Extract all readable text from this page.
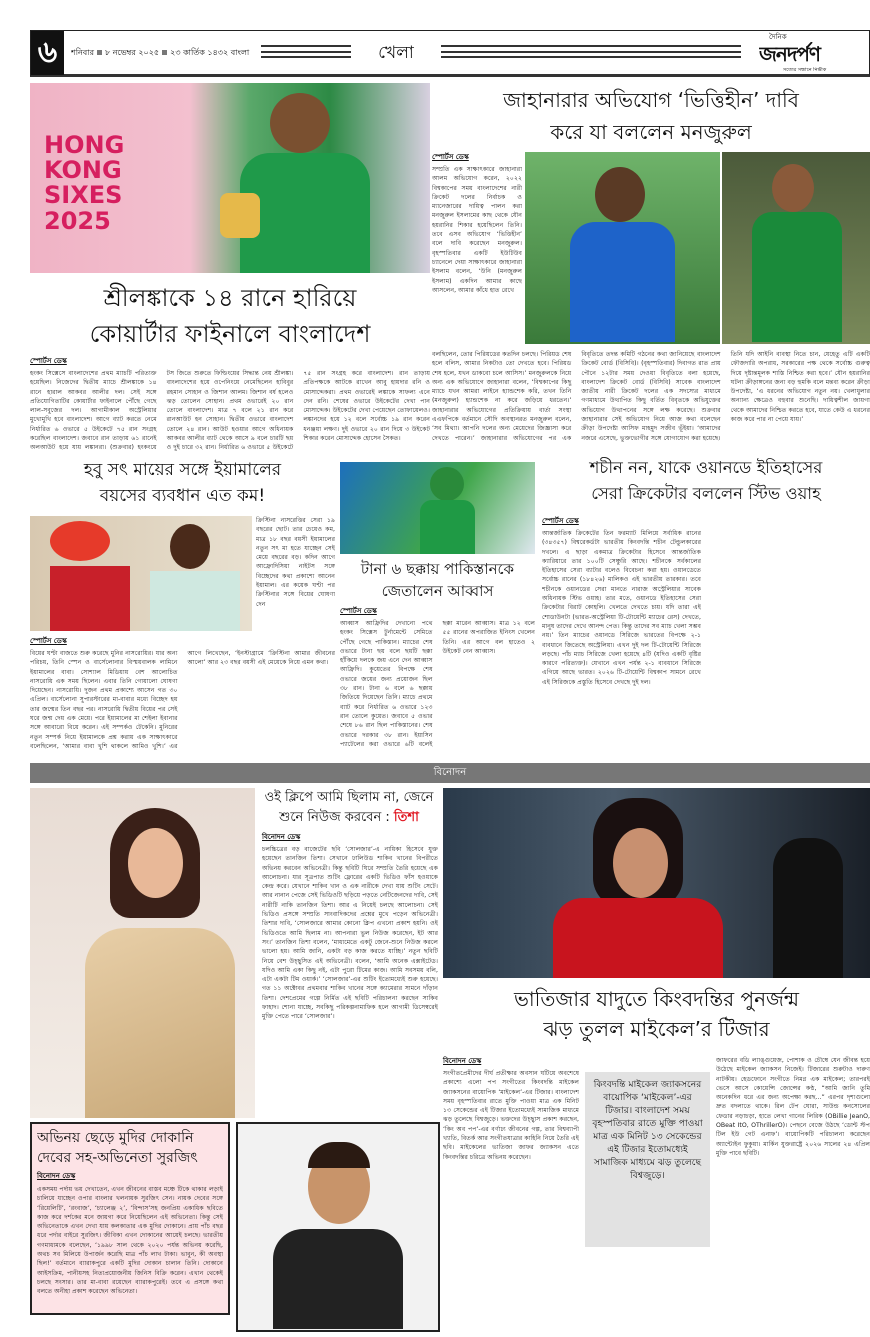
৬	শনিবার ৮ নভেম্বর ২০২৫ ২৩ কার্তিক ১৪৩২ বাংলা	খেলা
দৈনিক
জনদর্পণ
সত্যের সন্ধানে নির্ভীক
HONG KONG SIXES 2025
শ্রীলঙ্কাকে ১৪ রানে হারিয়ে
কোয়ার্টার ফাইনালে বাংলাদেশ
স্পোর্টস ডেস্ক
হংকং সিক্সেসে বাংলাদেশের প্রথম ম্যাচটি পরিত্যক্ত হয়েছিল। নিজেদের দ্বিতীয় ম্যাচে শ্রীলঙ্কাকে ১৪ রানে হারাল আকবর আলীর দল। সেই সঙ্গে প্রতিযোগিতাটির কোয়ার্টার ফাইনালে পৌঁছে গেছে লাল-সবুজের দল। আগামীকাল অস্ট্রেলিয়ার মুখোমুখি হবে বাংলাদেশ। আগে ব্যাট করতে নেমে নির্ধারিত ৬ ওভারে ৫ উইকেটে ৭৫ রান সংগ্রহ করেছিল বাংলাদেশ। জবাবে রান তাড়ায় ৬১ রানেই অলআউট হয়ে যায় লঙ্কানরা। (শুক্রবার) হংকংয়ে টস জিতে শুরুতে ফিল্ডিংয়ের সিদ্ধান্ত নেয় শ্রীলঙ্কা। বাংলাদেশের হয়ে ওপেনিংয়ে নেমেছিলেন হাবিবুর রহমান সোহান ও জিশান আলম। জিশান বর্ষ হলেও ঝড় তোলেন সোহান। প্রথম ওভারেই ২০ রান তোলে বাংলাদেশ। মাত্র ৭ বলে ২১ রান করে রানআউট হন সোহান। দ্বিতীয় ওভারে বাংলাদেশ তোলে ২৪ রান। আউট হওয়ার আগে অধিনায়ক আকবর আলীর ব্যাট থেকে আসে ৯ বলে চারটি ছয় ও দুই চারে ৩২ রান। নির্ধারিত ৬ ওভারে ৫ উইকেটে ৭৫ রান সংগ্রহ করে বাংলাদেশ। রান তাড়ায় প্রতিপক্ষকে আটকে রাখেন আবু হায়দার রনি ও মোসাদ্দেকরা। প্রথম ওভারেই লঙ্কাকে সাফল্য এনে দেন রনি। শেষের ওভারে উইকেটের দেখা পান মোসাদ্দেক। উইকেটের দেখা পেয়েছেন তোফায়েলও। লঙ্কানদের হয়ে ১২ বলে সর্বোচ্চ ১৯ রান করেন ধনঞ্জয়া লক্ষণ। দুই ওভারে ২০ রান দিয়ে ৩ উইকেট শিকার করেন মোসাদ্দেক হোসেন সৈকত।
জাহানারার অভিযোগ ‘ভিত্তিহীন’ দাবি
করে যা বললেন মনজুরুল
স্পোর্টস ডেস্ক
সম্প্রতি এক সাক্ষাৎকারে জাহানারা আলম অভিযোগ করেন, ২০২২ বিশ্বকাপের সময় বাংলাদেশের নারী ক্রিকেট দলের নির্বাচক ও ম্যানেজারের দায়িত্ব পালন করা মনজুরুল ইসলামের কাছ থেকে যৌন হয়রানির শিকার হয়েছিলেন তিনি। তবে এসব অভিযোগ ‘ভিত্তিহীন’ বলে দাবি করেছেন মনজুরুল। বৃহস্পতিবার একটি ইউটিউব চ্যানেলে দেয়া সাক্ষাৎকারে জাহানারা ইসলাম বলেন, ‘উনি (মনজুরুল ইসলাম) একদিন আমার কাছে আসলেন, আমার কাঁধে হাত রেখে
বলছিলেন, তোর পিরিয়ডের কতদিন চলছে। পিরিয়ড শেষ হলে বলিস, আমার নিকটাও তো দেখতে হবে। পিরিয়ড শেষ হলে, যখন ডাকবো চলে আসিস।’ মনজুরুলকে নিয়ে অন্য এক অভিযোগে জাহানারা বলেন, ‘বিশ্বকাপের কিছু ম্যাচে যখন আমরা লাইনে হ্যান্ডশেক করি, তখন তিনি (মনজুরুল) হ্যান্ডশেক না করে জড়িয়ে ধরতেন।’ জাহানারার অভিযোগের প্রতিক্রিয়ায় বার্তা সংস্থা এএফপিকে বর্তমানে সৌদি অবস্থানরত মনজুরুল বলেন, ‘সব মিথ্যা। আপনি দলের অন্য মেয়েদের জিজ্ঞাসা করে দেখতে পারেন।’ জাহানারার অভিযোগের পর এক বিবৃতিতে তদন্ত কমিটি গঠনের কথা জানিয়েছে বাংলাদেশ ক্রিকেট বোর্ড (বিসিবি)। (বৃহস্পতিবার) দিবাগত রাত প্রায় পৌনে ১২টার সময় দেওয়া বিবৃতিতে বলা হয়েছে, বাংলাদেশ ক্রিকেট বোর্ড (বিসিবি) সাবেক বাংলাদেশ জাতীয় নারী ক্রিকেট দলের এক সদস্যের মাধ্যমে গণমাধ্যমে উত্থাপিত কিছু বর্তিত বিবৃতকে অভিযুক্তের অভিযোগ উত্থাপনের সঙ্গে লক্ষ করেছে। শুক্রবার জাহানারার সেই অভিযোগ নিয়ে আজ কথা বলেছেন ক্রীড়া উপদেষ্টা আসিফ মাহমুদ সজীব ভূঁইয়া। ‘আমাদের নজরে এসেছে, ভুক্তভোগীর সঙ্গে যোগাযোগ করা হয়েছে। তিনি যদি আইনি ব্যবস্থা নিতে চান, যেহেতু এটি একটি ফৌজদারি অপরাধ, সরকারের পক্ষ থেকে সর্বোচ্চ গুরুত্ব দিয়ে দৃষ্টান্তমূলক শাস্তি নিশ্চিত করা হবে।’ যৌন হয়রানির ঘটনা ক্রীড়াঙ্গনের জন্য বড় হুমকি বলে মন্তব্য করেন ক্রীড়া উপদেষ্টা, ‘এ ধরনের অভিযোগ নতুন নয়। খেলাধুলার অন্যান্য ক্ষেত্রেও বহুবার শুনেছি। দায়িত্বশীল জায়গা থেকে আমাদের নিশ্চিত করতে হবে, যাতে কেউ এ ধরনের কাজ করে পার না পেয়ে যায়।’
হবু সৎ মায়ের সঙ্গে ইয়ামালের
বয়সের ব্যবধান এত কম!
ক্রিস্টিনা নাসরেত্তির সেরা ১৯ বছরের ছোট। তার চেয়েও কম, মাত্র ১৮ বছর বয়সী ইয়ামালের নতুন সৎ মা হতে যাচ্ছেন সেই মেয়ে বছরের বড়। কদিন আগে আফ্রোদিসিয়া নাইটস সঙ্গে বিচ্ছেদের কথা প্রকাশ্যে আনেন ইয়ামাল। এর কয়েক ঘণ্টা পর ক্রিস্টিনার সঙ্গে বিয়ের ঘোষণা দেন
স্পোর্টস ডেস্ক
বিয়ের ঘণ্টা বাজতে শুরু করেছে মুনির নাসরোয়ির। যার অন্য পরিচয়, তিনি স্পেন ও বার্সেলোনার বিস্ময়বালক লামিনে ইয়ামালের বাবা। সোশ্যাল মিডিয়ায় বেশ আলোচিত নাসরোয়ি এক সময় ছিলেন। এবার তিনি গোয়ালো ঘোষণা দিয়েছেন। নাসরোয়ি। দুজন প্রথম প্রকাশ্যে আসেন গত ৩০ এপ্রিল। বার্সেলোনা সুপারস্টারের মা-বাবার মধ্যে বিচ্ছেদ হয় তার জন্মের তিন বছর পর। নাসরোয়ি দ্বিতীয় বিয়ের পর সেই ঘরে জন্ম দেয় এক মেয়ে। পরে ইয়ামালের মা শেইলা ইবানার সঙ্গে আবারো বিয়ে করেন। এই সম্পর্কও টেকেনি। মুনিরের নতুন সম্পর্ক নিয়ে ইয়ামালকে প্রশ্ন করায় এক সাক্ষাৎকারে বলেছিলেন, ‘আমার বাবা খুশি থাকলে আমিও খুশি।’ এর আগে লিখেছেন, ‘ইনস্টাগ্রামে ‘ক্রিস্টিনা আমার জীবনের আলো’ আর ২৩ বছর বয়সী এই মেয়েকে নিয়ে এমন কথা।
টানা ৬ ছক্কায় পাকিস্তানকে
জেতালেন আব্বাস
স্পোর্টস ডেস্ক
আব্বাস আফ্রিদির দেখানো পথে হংকং সিক্সেস টুর্নামেন্টে সেমিতে পৌঁছে গেছে পাকিস্তান। ম্যাচের শেষ ওভারে টানা ছয় বলে ছয়টি ছক্কা হাঁকিয়ে দলকে জয় এনে দেন আব্বাস আফ্রিদি। কুয়েতের বিপক্ষে শেষ ওভারে জয়ের জন্য প্রয়োজন ছিল ৩৮ রান। টানা ৬ বলে ৬ ছক্কায় জিতিয়ে দিয়েছেন তিনি। ম্যাচে প্রথমে ব্যাট করে নির্ধারিত ৬ ওভারে ১২৩ রান তোলে কুয়েত। জবাবে ৫ ওভার শেষে ৮৬ রান ছিল পাকিস্তানের। শেষ ওভারে দরকার ৩৮ রান। ইয়াসিন প্যাটেলের করা ওভারে ৬টি বলেই ছক্কা মারেন আব্বাস। মাত্র ১২ বলে ৫৫ রানের অপরাজিত ইনিংস খেলেন তিনি। এর আগে বল হাতেও ২ উইকেট নেন আব্বাস।
শচীন নন, যাকে ওয়ানডে ইতিহাসের
সেরা ক্রিকেটার বললেন স্টিভ ওয়াহ
স্পোর্টস ডেস্ক
আন্তর্জাতিক ক্রিকেটের তিন ফরম্যাট মিলিয়ে সর্বাধিক রানের (৩৪৩৫৭) বিশ্বরেকর্ডটা ভারতীয় কিংবদন্তি শচীন টেন্ডুলকারের দখলে। এ ছাড়া একমাত্র ক্রিকেটার হিসেবে আন্তর্জাতিক ক্যারিয়ারে তার ১০০টি সেঞ্চুরি আছে। শচীনকে সর্বকালের ইতিহাসের সেরা ব্যাটার বলেও বিবেচনা করা হয়। ওয়ানডেতে সর্বোচ্চ রানের (১৮৪২৬) মালিকও এই ভারতীয় তারকার। তবে শচীনকে ওয়ানডের সেরা মানতে নারাজ অস্ট্রেলিয়ার সাবেক অধিনায়ক স্টিভ ওয়াহ। তার মতে, ওয়ানডে ইতিহাসের সেরা ক্রিকেটার বিরাট কোহলি। খেলতে দেখতে চায়। যদি তারা এই শোডাউনটা (ভারত-অস্ট্রেলিয়া টি-টোয়েন্টি ম্যাচের রেস) দেখতে, মানুষ তাদের দেখে আনন্দ পেত। কিন্তু তাদের সব ম্যাচ খেলা সম্ভব নয়।’ তিন ম্যাচের ওয়ানডে সিরিজে ভারতের বিপক্ষে ২-১ ব্যবধানে জিতেছে অস্ট্রেলিয়া। এখন দুই দল টি-টোয়েন্টি সিরিজে লড়ছে। পাঁচ ম্যাচ সিরিজে খেলা হয়েছে ৪টি (যদিও একটি বৃষ্টির কারণে পরিত্যক্ত)। যেখানে এখন পর্যন্ত ২-১ ব্যবধানে সিরিজে এগিয়ে আছে ভারত। ২০২৬ টি-টোয়েন্টি বিশ্বকাপ সামনে রেখে এই সিরিজকে প্রস্তুতি হিসেবে দেখছে দুই দল।
বিনোদন
ওই ক্লিপে আমি ছিলাম না, জেনে
শুনে নিউজ করবেন : তিশা
বিনোদন ডেস্ক
চলচ্চিত্রের বড় বাজেটের ছবি ‘সোলজার’-এ নায়িকা হিসেবে যুক্ত হয়েছেন তানজিন তিশা। সেখানে ঢালিউড শাকিব খানের বিপরীতে অভিনয় করবেন অভিনেত্রী। কিন্তু ছবিটি ঘিরে সম্প্রতি তৈরি হয়েছে এক আলোচনা। যার সূত্রপাত শুটিং ফ্লোরের একটি ভিডিও ফাঁস হওয়াকে কেন্দ্র করে। যেখানে শাকিব খান ও এক নারীকে দেখা যায় শুটিং সেটে। আর নানান পেজে সেই ভিডিওটি ছড়িয়ে পড়তে নেটিজেনদের দাবি, সেই নারীটি নাকি তানজিন তিশা। আর এ নিয়েই চলছে আলোচনা। সেই ভিডিও প্রসঙ্গে সম্প্রতি সাংবাদিকদের প্রশ্নের মুখে পড়েন অভিনেত্রী। তিশার দাবি, ‘সোলজারে আমার কোনো ক্লিপ এখনো প্রকাশ হয়নি। ওই ভিডিওতে আমি ছিলাম না। আপনারা ভুল নিউজ করেছেন, ইট আর সং।’ তানজিন তিশা বলেন, ‘মাধ্যমেতে একটু জেনে-শুনে নিউজ করলে ভালো হয়। আমি জানি, একটা বড় কাজ করতে যাচ্ছি।’ নতুন ছবিটি নিয়ে বেশ উচ্ছ্বসিত এই অভিনেত্রী। বলেন, ‘আমি অনেক এক্সাইটেড। যদিও আমি একা কিছু নই, এটা পুরো টিমের কাজ। আমি সবসময় বলি, এটা একটা টিম ওয়ার্ক।’ ‘সোলজার’-এর শুটিং ইতোমধ্যেই শুরু হয়েছে। গত ১১ অক্টোবর প্রথমবার শাকিব খানের সঙ্গে ক্যামেরার সামনে দাঁড়ান তিশা। দেশপ্রেমের গল্পে নির্মিত এই ছবিটি পরিচালনা করছেন সাকিব ফাহাদ। শোনা যাচ্ছে, সবকিছু পরিকল্পনামাফিক হলে আগামী ডিসেম্বরেই মুক্তি পেতে পারে ‘সোলজার’।
ভাতিজার যাদুতে কিংবদন্তির পুনর্জন্ম
ঝড় তুলল মাইকেল’র টিজার
বিনোদন ডেস্ক
সংগীতপ্রেমীদের দীর্ঘ প্রতীক্ষার অবসান ঘটিয়ে অবশেষে প্রকাশ্যে এলো পপ সংগীতের কিংবদন্তি মাইকেল জ্যাকসনের বায়োপিক ‘মাইকেল’-এর টিজার। বাংলাদেশ সময় বৃহস্পতিবার রাতে মুক্তি পাওয়া মাত্র এক মিনিট ১৩ সেকেন্ডের এই টিজার ইতোমধ্যেই সামাজিক মাধ্যমে ঝড় তুলেছে বিশ্বজুড়ে। ভক্তদের উচ্ছ্বাস প্রকাশ করছেন, ‘কিং অব পপ’-এর বর্ণাঢ্য জীবনের গল্প, তার বিশ্বব্যাপী খ্যাতি, বিতর্ক আর সংগীতযাত্রার কাহিনি নিয়ে তৈরি এই ছবি। মাইকেলের ভাতিজা জাফর জ্যাকসন এতে কিংবদন্তির চরিত্রে অভিনয় করেছেন।
কিংবদন্তি মাইকেল জ্যাকসনের বায়োপিক ‘মাইকেল’-এর টিজার। বাংলাদেশ সময় বৃহস্পতিবার রাতে মুক্তি পাওয়া মাত্র এক মিনিট ১৩ সেকেন্ডের এই টিজার ইতোমধ্যেই সামাজিক মাধ্যমে ঝড় তুলেছে বিশ্বজুড়ে।
জাফরের বডি ল্যাঙ্গুয়েজ, পোশাক ও চৌম্বে যেন জীবন্ত হয়ে উঠেছে মাইকেল জ্যাকসন নিজেই। টিজারের শুরুটাও দারুণ নাটকীয়। হেডফোনে সংগীতে নিমগ্ন এক মাইকেল; তারপরই ভেসে আসে কোয়েন্সি জোন্সের কণ্ঠ, “আমি জানি তুমি অনেকদিন ধরে এর জন্য অপেক্ষা করছ...” এরপর দৃশ্যগুলো দ্রুত বদলাতে থাকে। রিল টেপ ঘোরা, সাউন্ড কনসোলের ফেডার নড়াচড়া, হাতে লেখা গানের লিরিক (OBillie JeanO, OBeat ItO, OThrillerO)। পেছনে বেজে উঠছে ‘ডোন্ট স্টপ টিল ইউ গেট এনাফ’। বায়োপিকটি পরিচালনা করেছেন অ্যান্টোইন ফুকুয়া। মার্কিন যুক্তরাষ্ট্রে ২০২৬ সালের ২৪ এপ্রিল মুক্তি পাবে ছবিটি।
অভিনয় ছেড়ে মুদির দোকানি
দেবের সহ-অভিনেতা সুরজিৎ
বিনোদন ডেস্ক
একসময় পর্দায় ভয় দেখাতেন, এখন জীবনের বাস্তব মঞ্চে টিকে থাকার লড়াই চালিয়ে যাচ্ছেন ওপার বাংলার খলনায়ক সুরজিৎ সেন। নায়ক দেবের সঙ্গে ‘রিয়েলিটি’, ‘রংবাজ’, ‘চ্যালেঞ্জ ২’, ‘বিন্দাস’সহ জনপ্রিয় একাধিক ছবিতে কাজ করে দর্শকের মনে জায়গা করে নিয়েছিলেন এই অভিনেতা। কিন্তু সেই অভিনেতাকে এখন দেখা যায় কলকাতার এক মুদির দোকানে। প্রায় পাঁচ বছর ধরে পর্দার বাইরে সুরজিৎ। জীবিকা এখন দোকানের আয়েই চলছে। ভারতীয় গণমাধ্যমকে বলেছেন, ‘১৯৯৮ সাল থেকে ২০২০ পর্যন্ত অভিনয় করেছি, অথচ সব মিলিয়ে উপার্জন করেছি মাত্র পাঁচ লাখ টাকা। ভাবুন, কী অবস্থা ছিল!’ বর্তমানে ব্যারাকপুরে একটি মুদির দোকান চালান তিনি। দোকানে আইসক্রিম, পানীয়সহ নিত্যপ্রয়োজনীয় জিনিস বিক্রি করেন। এখান থেকেই চলছে সংসার। তার মা-বাবা রয়েছেন ব্যারাকপুরেই। তবে এ প্রসঙ্গে কথা বলতে অনীহা প্রকাশ করেছেন অভিনেতা।
